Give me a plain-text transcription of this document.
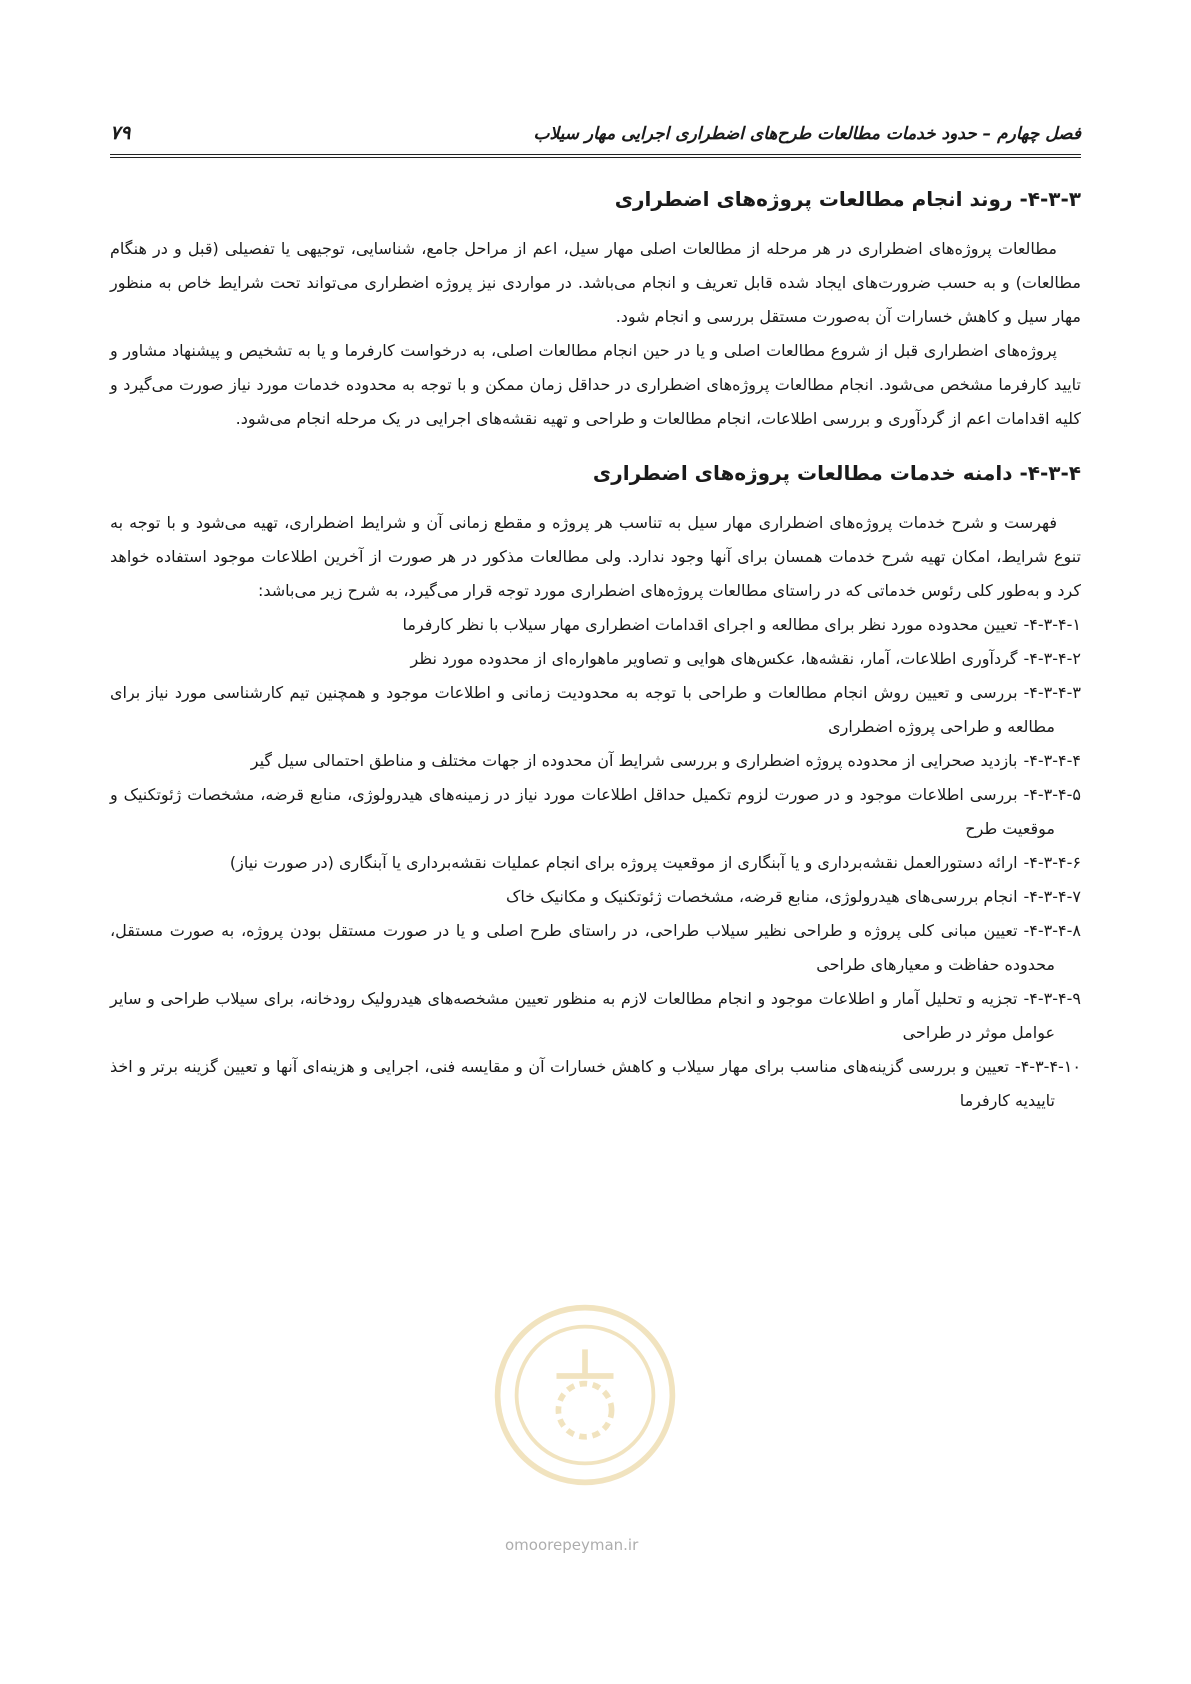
فصل چهارم – حدود خدمات مطالعات طرح‌های اضطراری اجرایی مهار سیلاب
۷۹
۴-۳-۳- روند انجام مطالعات پروژه‌های اضطراری

مطالعات پروژه‌های اضطراری در هر مرحله از مطالعات اصلی مهار سیل، اعم از مراحل جامع، شناسایی، توجیهی یا تفصیلی (قبل و در هنگام مطالعات) و به حسب ضرورت‌های ایجاد شده قابل تعریف و انجام می‌باشد. در مواردی نیز پروژه اضطراری می‌تواند تحت شرایط خاص به منظور مهار سیل و کاهش خسارات آن به‌صورت مستقل بررسی و انجام شود.

پروژه‌های اضطراری قبل از شروع مطالعات اصلی و یا در حین انجام مطالعات اصلی، به درخواست کارفرما و یا به تشخیص و پیشنهاد مشاور و تایید کارفرما مشخص می‌شود. انجام مطالعات پروژه‌های اضطراری در حداقل زمان ممکن و با توجه به محدوده خدمات مورد نیاز صورت می‌گیرد و کلیه اقدامات اعم از گردآوری و بررسی اطلاعات، انجام مطالعات و طراحی و تهیه نقشه‌های اجرایی در یک مرحله انجام می‌شود.

۴-۳-۴- دامنه خدمات مطالعات پروژه‌های اضطراری

فهرست و شرح خدمات پروژه‌های اضطراری مهار سیل به تناسب هر پروژه و مقطع زمانی آن و شرایط اضطراری، تهیه می‌شود و با توجه به تنوع شرایط، امکان تهیه شرح خدمات همسان برای آنها وجود ندارد. ولی مطالعات مذکور در هر صورت از آخرین اطلاعات موجود استفاده خواهد کرد و به‌طور کلی رئوس خدماتی که در راستای مطالعات پروژه‌های اضطراری مورد توجه قرار می‌گیرد، به شرح زیر می‌باشد:

۴-۳-۴-۱-تعیین محدوده مورد نظر برای مطالعه و اجرای اقدامات اضطراری مهار سیلاب با نظر کارفرما
۴-۳-۴-۲-گردآوری اطلاعات، آمار، نقشه‌ها، عکس‌های هوایی و تصاویر ماهواره‌ای از محدوده مورد نظر
۴-۳-۴-۳-بررسی و تعیین روش انجام مطالعات و طراحی با توجه به محدودیت زمانی و اطلاعات موجود و همچنین تیم کارشناسی مورد نیاز برای مطالعه و طراحی پروژه اضطراری
۴-۳-۴-۴-بازدید صحرایی از محدوده پروژه اضطراری و بررسی شرایط آن محدوده از جهات مختلف و مناطق احتمالی سیل گیر
۴-۳-۴-۵-بررسی اطلاعات موجود و در صورت لزوم تکمیل حداقل اطلاعات مورد نیاز در زمینه‌های هیدرولوژی، منابع قرضه، مشخصات ژئوتکنیک و موقعیت طرح
۴-۳-۴-۶-ارائه دستورالعمل نقشه‌برداری و یا آبنگاری از موقعیت پروژه برای انجام عملیات نقشه‌برداری یا آبنگاری (در صورت نیاز)
۴-۳-۴-۷-انجام بررسی‌های هیدرولوژی، منابع قرضه، مشخصات ژئوتکنیک و مکانیک خاک
۴-۳-۴-۸-تعیین مبانی کلی پروژه و طراحی نظیر سیلاب طراحی، در راستای طرح اصلی و یا در صورت مستقل بودن پروژه، به صورت مستقل، محدوده حفاظت و معیارهای طراحی
۴-۳-۴-۹-تجزیه و تحلیل آمار و اطلاعات موجود و انجام مطالعات لازم به منظور تعیین مشخصه‌های هیدرولیک رودخانه، برای سیلاب طراحی و سایر عوامل موثر در طراحی
۴-۳-۴-۱۰-تعیین و بررسی گزینه‌های مناسب برای مهار سیلاب و کاهش خسارات آن و مقایسه فنی، اجرایی و هزینه‌ای آنها و تعیین گزینه برتر و اخذ تاییدیه کارفرما
omoorepeyman.ir
